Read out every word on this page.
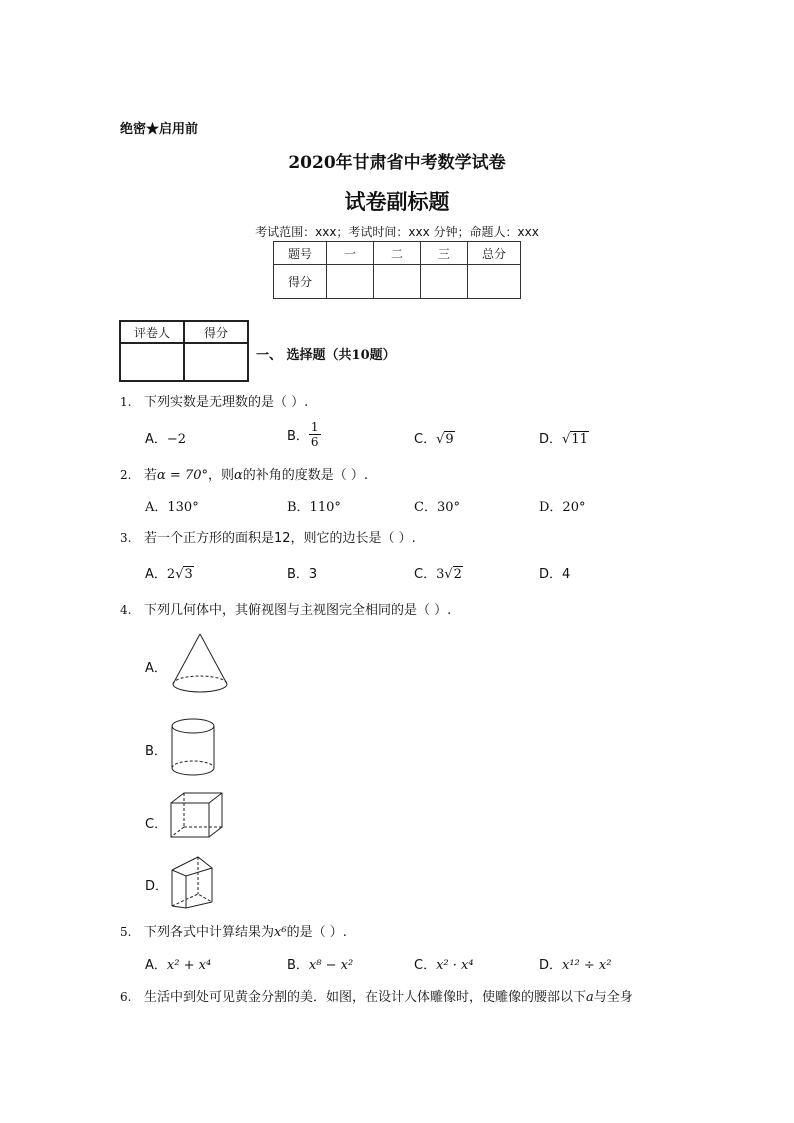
绝密★启用前
2020年甘肃省中考数学试卷
试卷副标题
考试范围：xxx；考试时间：xxx 分钟；命题人：xxx
题号	一	二	三	总分
得分				
评卷人	得分

一、 选择题（共10题）
1. 下列实数是无理数的是（ ）.
A．−2	B． $\frac{1}{6}$	C．√9	D．√11
2. 若α = 70°，则α的补角的度数是（ ）.
A．130°	B．110°	C．30°	D．20°
3. 若一个正方形的面积是12，则它的边长是（ ）.
A．2√3	B．3	C．3√2	D．4
4. 下列几何体中，其俯视图与主视图完全相同的是（ ）.
A．
B．
C．
D．
5. 下列各式中计算结果为x⁶的是（ ）.
A．x² + x⁴	B．x⁸ − x²	C．x² · x⁴	D．x¹² ÷ x²
6. 生活中到处可见黄金分割的美．如图，在设计人体雕像时，使雕像的腰部以下a与全身
